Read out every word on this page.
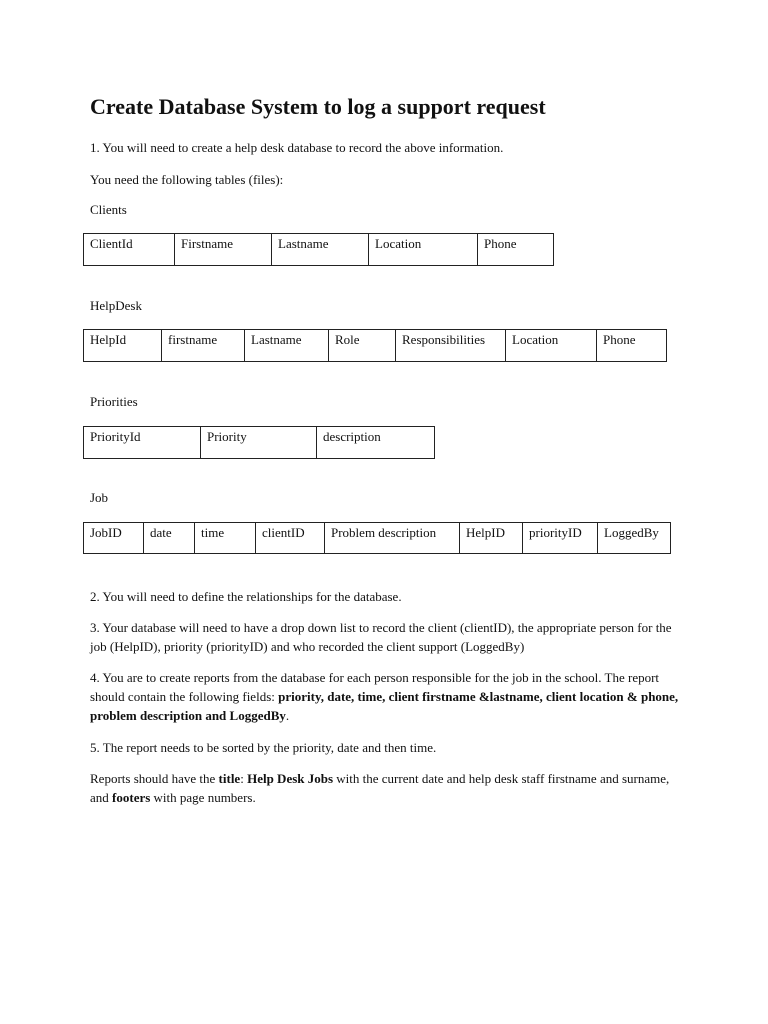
Create Database System to log a support request

1. You will need to create a help desk database to record the above information.

You need the following tables (files):

Clients

ClientId	Firstname	Lastname	Location	Phone

HelpDesk

HelpId	firstname	Lastname	Role	Responsibilities	Location	Phone

Priorities

PriorityId	Priority	description

Job

JobID	date	time	clientID	Problem description	HelpID	priorityID	LoggedBy

2. You will need to define the relationships for the database.

3. Your database will need to have a drop down list to record the client (clientID), the appropriate person for the job (HelpID), priority (priorityID) and who recorded the client support (LoggedBy)

4. You are to create reports from the database for each person responsible for the job in the school. The report should contain the following fields: priority, date, time, client firstname &lastname, client location & phone, problem description and LoggedBy.

5. The report needs to be sorted by the priority, date and then time.

Reports should have the title: Help Desk Jobs with the current date and help desk staff firstname and surname, and footers with page numbers.
